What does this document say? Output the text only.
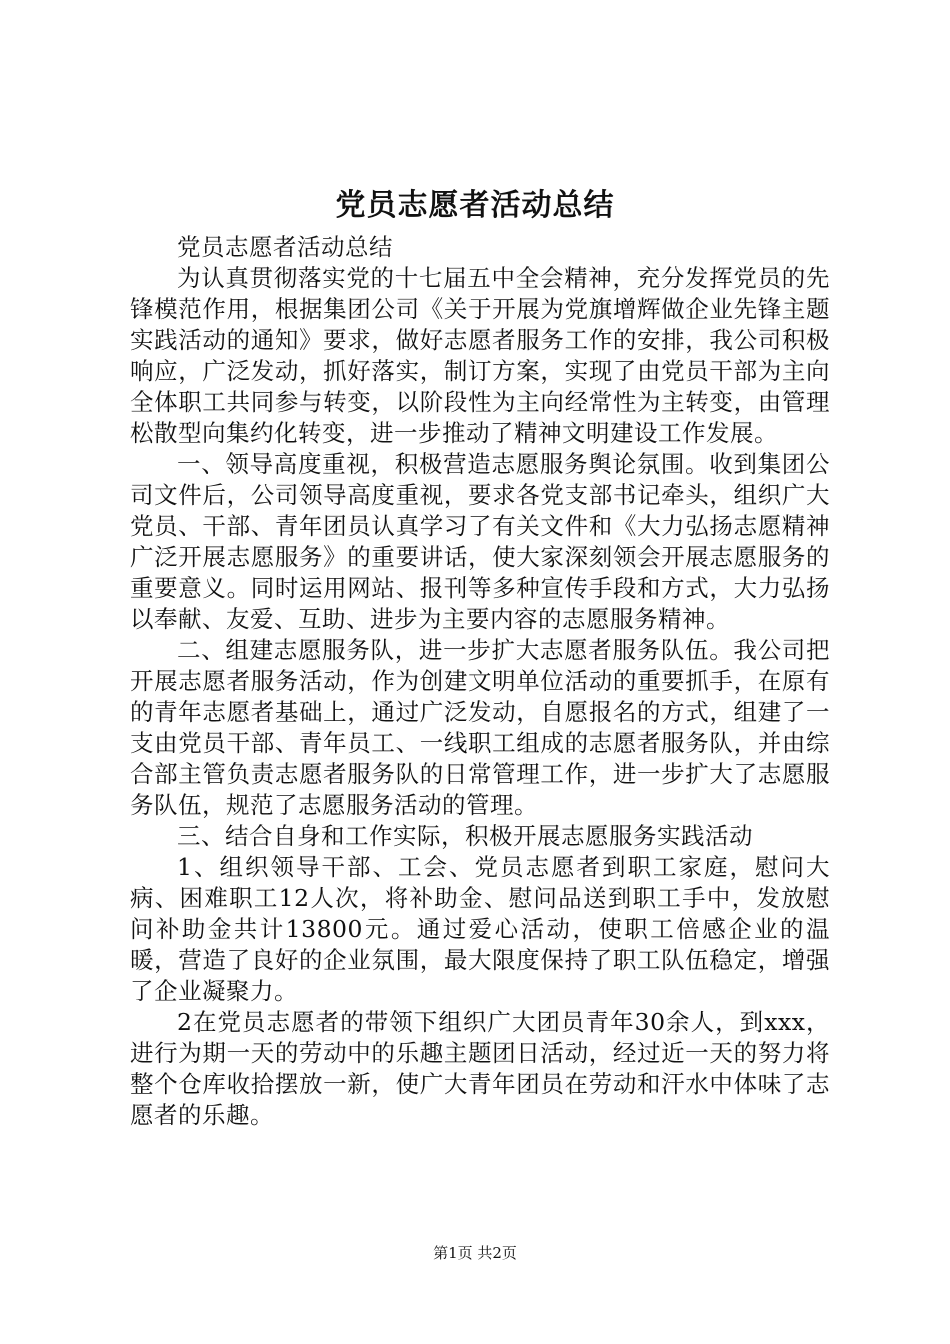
党员志愿者活动总结

党员志愿者活动总结

为认真贯彻落实党的十七届五中全会精神，充分发挥党员的先锋模范作用，根据集团公司《关于开展为党旗增辉做企业先锋主题实践活动的通知》要求，做好志愿者服务工作的安排，我公司积极响应，广泛发动，抓好落实，制订方案，实现了由党员干部为主向全体职工共同参与转变，以阶段性为主向经常性为主转变，由管理松散型向集约化转变，进一步推动了精神文明建设工作发展。

一、领导高度重视，积极营造志愿服务舆论氛围。收到集团公司文件后，公司领导高度重视，要求各党支部书记牵头，组织广大党员、干部、青年团员认真学习了有关文件和《大力弘扬志愿精神广泛开展志愿服务》的重要讲话，使大家深刻领会开展志愿服务的重要意义。同时运用网站、报刊等多种宣传手段和方式，大力弘扬以奉献、友爱、互助、进步为主要内容的志愿服务精神。

二、组建志愿服务队，进一步扩大志愿者服务队伍。我公司把开展志愿者服务活动，作为创建文明单位活动的重要抓手，在原有的青年志愿者基础上，通过广泛发动，自愿报名的方式，组建了一支由党员干部、青年员工、一线职工组成的志愿者服务队，并由综合部主管负责志愿者服务队的日常管理工作，进一步扩大了志愿服务队伍，规范了志愿服务活动的管理。

三、结合自身和工作实际，积极开展志愿服务实践活动

1、组织领导干部、工会、党员志愿者到职工家庭，慰问大病、困难职工12人次，将补助金、慰问品送到职工手中，发放慰问补助金共计13800元。通过爱心活动，使职工倍感企业的温暖，营造了良好的企业氛围，最大限度保持了职工队伍稳定，增强了企业凝聚力。

2在党员志愿者的带领下组织广大团员青年30余人，到xxx，进行为期一天的劳动中的乐趣主题团日活动，经过近一天的努力将整个仓库收拾摆放一新，使广大青年团员在劳动和汗水中体味了志愿者的乐趣。

第1页 共2页
